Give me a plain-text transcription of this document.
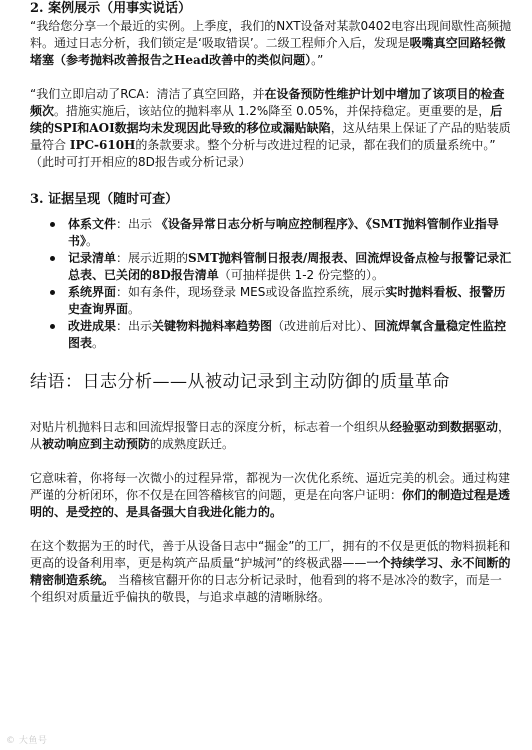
2. 案例展示（用事实说话）
“我给您分享一个最近的实例。上季度，我们的NXT设备对某款0402电容出现间歇性高频抛料。通过日志分析，我们锁定是‘吸取错误’。二级工程师介入后，发现是吸嘴真空回路轻微堵塞（参考抛料改善报告之Head改善中的类似问题）。”
“我们立即启动了RCA：清洁了真空回路，并在设备预防性维护计划中增加了该项目的检查频次。措施实施后，该站位的抛料率从 1.2%降至 0.05%，并保持稳定。更重要的是，后续的SPI和AOI数据均未发现因此导致的移位或漏贴缺陷，这从结果上保证了产品的贴装质量符合 IPC-610H的条款要求。整个分析与改进过程的记录，都在我们的质量系统中。” （此时可打开相应的8D报告或分析记录）
3. 证据呈现（随时可查）
体系文件：出示 《设备异常日志分析与响应控制程序》、《SMT抛料管制作业指导书》。
记录清单：展示近期的SMT抛料管制日报表/周报表、回流焊设备点检与报警记录汇总表、已关闭的8D报告清单（可抽样提供 1-2 份完整的）。
系统界面：如有条件，现场登录 MES或设备监控系统，展示实时抛料看板、报警历史查询界面。
改进成果：出示关键物料抛料率趋势图（改进前后对比）、回流焊氧含量稳定性监控图表。
结语：日志分析——从被动记录到主动防御的质量革命
对贴片机抛料日志和回流焊报警日志的深度分析，标志着一个组织从经验驱动到数据驱动，从被动响应到主动预防的成熟度跃迁。
它意味着，你将每一次微小的过程异常，都视为一次优化系统、逼近完美的机会。通过构建严谨的分析闭环，你不仅是在回答稽核官的问题，更是在向客户证明：你们的制造过程是透明的、是受控的、是具备强大自我进化能力的。
在这个数据为王的时代，善于从设备日志中“掘金”的工厂，拥有的不仅是更低的物料损耗和更高的设备利用率，更是构筑产品质量“护城河”的终极武器——一个持续学习、永不间断的精密制造系统。 当稽核官翻开你的日志分析记录时，他看到的将不是冰冷的数字，而是一个组织对质量近乎偏执的敬畏，与追求卓越的清晰脉络。
© 大鱼号
